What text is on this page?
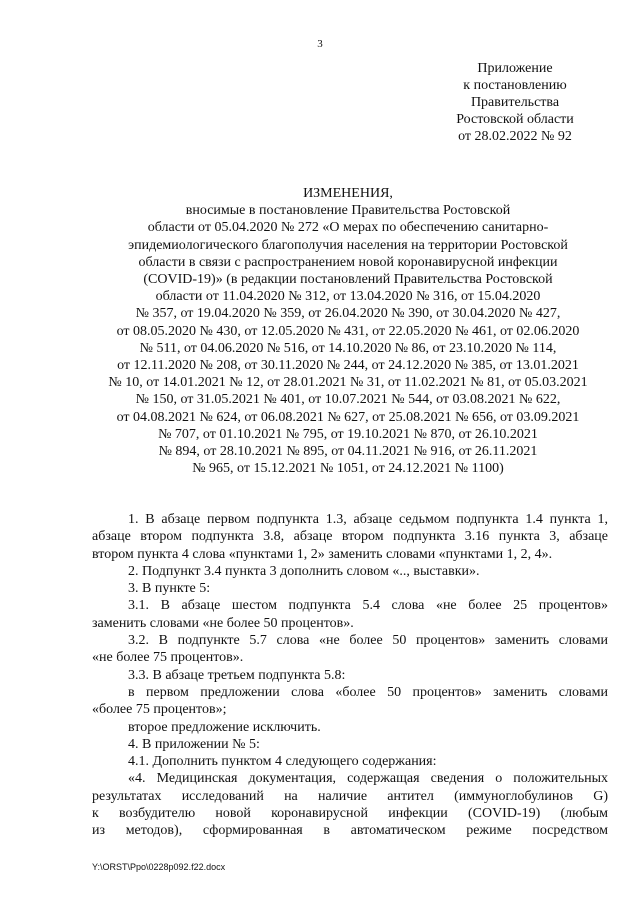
3
Приложение
к постановлению
Правительства
Ростовской области
от 28.02.2022 № 92
ИЗМЕНЕНИЯ,
вносимые в постановление Правительства Ростовской
области от 05.04.2020 № 272 «О мерах по обеспечению санитарно-
эпидемиологического благополучия населения на территории Ростовской
области в связи с распространением новой коронавирусной инфекции
(COVID-19)» (в редакции постановлений Правительства Ростовской
области от 11.04.2020 № 312, от 13.04.2020 № 316, от 15.04.2020
№ 357, от 19.04.2020 № 359, от 26.04.2020 № 390, от 30.04.2020 № 427,
от 08.05.2020 № 430, от 12.05.2020 № 431, от 22.05.2020 № 461, от 02.06.2020
№ 511, от 04.06.2020 № 516, от 14.10.2020 № 86, от 23.10.2020 № 114,
от 12.11.2020 № 208, от 30.11.2020 № 244, от 24.12.2020 № 385, от 13.01.2021
№ 10, от 14.01.2021 № 12, от 28.01.2021 № 31, от 11.02.2021 № 81, от 05.03.2021
№ 150, от 31.05.2021 № 401, от 10.07.2021 № 544, от 03.08.2021 № 622,
от 04.08.2021 № 624, от 06.08.2021 № 627, от 25.08.2021 № 656, от 03.09.2021
№ 707, от 01.10.2021 № 795, от 19.10.2021 № 870, от 26.10.2021
№ 894, от 28.10.2021 № 895, от 04.11.2021 № 916, от 26.11.2021
№ 965, от 15.12.2021 № 1051, от 24.12.2021 № 1100)
1. В абзаце первом подпункта 1.3, абзаце седьмом подпункта 1.4 пункта 1,
абзаце втором подпункта 3.8, абзаце втором подпункта 3.16 пункта 3, абзаце
втором пункта 4 слова «пунктами 1, 2» заменить словами «пунктами 1, 2, 4».
2. Подпункт 3.4 пункта 3 дополнить словом «.., выставки».
3. В пункте 5:
3.1. В абзаце шестом подпункта 5.4 слова «не более 25 процентов»
заменить словами «не более 50 процентов».
3.2. В подпункте 5.7 слова «не более 50 процентов» заменить словами
«не более 75 процентов».
3.3. В абзаце третьем подпункта 5.8:
в первом предложении слова «более 50 процентов» заменить словами
«более 75 процентов»;
второе предложение исключить.
4. В приложении № 5:
4.1. Дополнить пунктом 4 следующего содержания:
«4. Медицинская документация, содержащая сведения о положительных
результатах исследований на наличие антител (иммуноглобулинов G)
к возбудителю новой коронавирусной инфекции (COVID-19) (любым
из методов), сформированная в автоматическом режиме посредством
Y:\ORST\Ppo\0228p092.f22.docx
